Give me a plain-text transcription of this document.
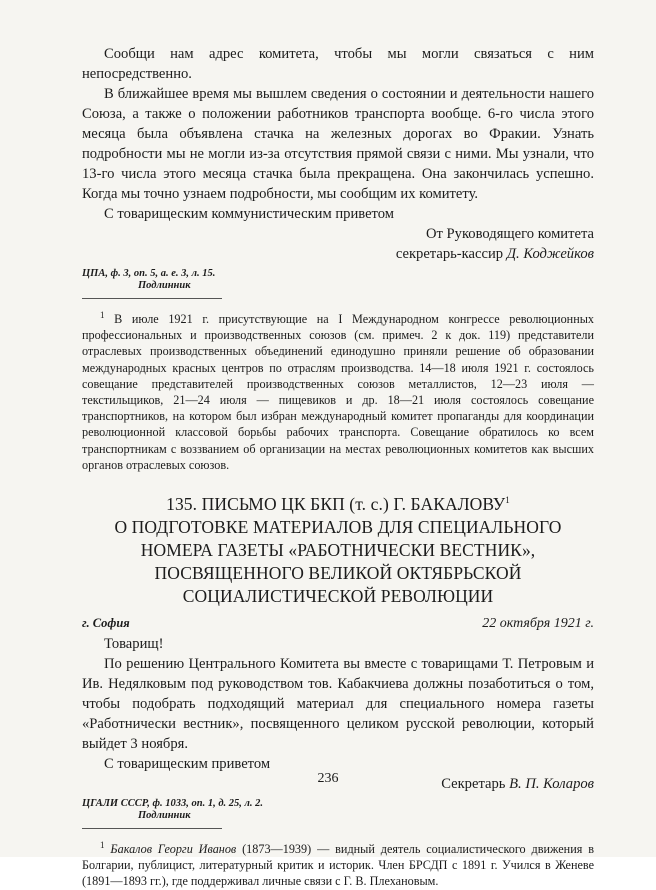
Сообщи нам адрес комитета, чтобы мы могли связаться с ним непосредственно.

В ближайшее время мы вышлем сведения о состоянии и деятельности нашего Союза, а также о положении работников транспорта вообще. 6-го числа этого месяца была объявлена стачка на железных дорогах во Фракии. Узнать подробности мы не могли из-за отсутствия прямой связи с ними. Мы узнали, что 13-го числа этого месяца стачка была прекращена. Она закончилась успешно. Когда мы точно узнаем подробности, мы сообщим их комитету.

С товарищеским коммунистическим приветом

От Руководящего комитета
секретарь-кассир Д. Коджейков
ЦПА, ф. 3, оп. 5, а. е. 3, л. 15.
Подлинник

$^1$ В июле 1921 г. присутствующие на I Международном конгрессе революционных профессиональных и производственных союзов (см. примеч. 2 к док. 119) представители отраслевых производственных объединений единодушно приняли решение об образовании международных красных центров по отраслям производства. 14—18 июля 1921 г. состоялось совещание представителей производственных союзов металлистов, 12—23 июля — текстильщиков, 21—24 июля — пищевиков и др. 18—21 июля состоялось совещание транспортников, на котором был избран международный комитет пропаганды для координации революционной классовой борьбы рабочих транспорта. Совещание обратилось ко всем транспортникам с воззванием об организации на местах революционных комитетов как высших органов отраслевых союзов.

135. ПИСЬМО ЦК БКП (т. с.) Г. БАКАЛОВУ$^1$
О ПОДГОТОВКЕ МАТЕРИАЛОВ ДЛЯ СПЕЦИАЛЬНОГО
НОМЕРА ГАЗЕТЫ «РАБОТНИЧЕСКИ ВЕСТНИК»,
ПОСВЯЩЕННОГО ВЕЛИКОЙ ОКТЯБРЬСКОЙ
СОЦИАЛИСТИЧЕСКОЙ РЕВОЛЮЦИИ
г. София	22 октября 1921 г.

Товарищ!

По решению Центрального Комитета вы вместе с товарищами Т. Петровым и Ив. Недялковым под руководством тов. Кабакчиева должны позаботиться о том, чтобы подобрать подходящий материал для специального номера газеты «Работнически вестник», посвященного целиком русской революции, который выйдет 3 ноября.

С товарищеским приветом

Секретарь В. П. Коларов
ЦГАЛИ СССР, ф. 1033, оп. 1, д. 25, л. 2.
Подлинник

$^1$ Бакалов Георги Иванов (1873—1939) — видный деятель социалистического движения в Болгарии, публицист, литературный критик и историк. Член БРСДП с 1891 г. Учился в Женеве (1891—1893 гг.), где поддерживал личные связи с Г. В. Плехановым.

236
